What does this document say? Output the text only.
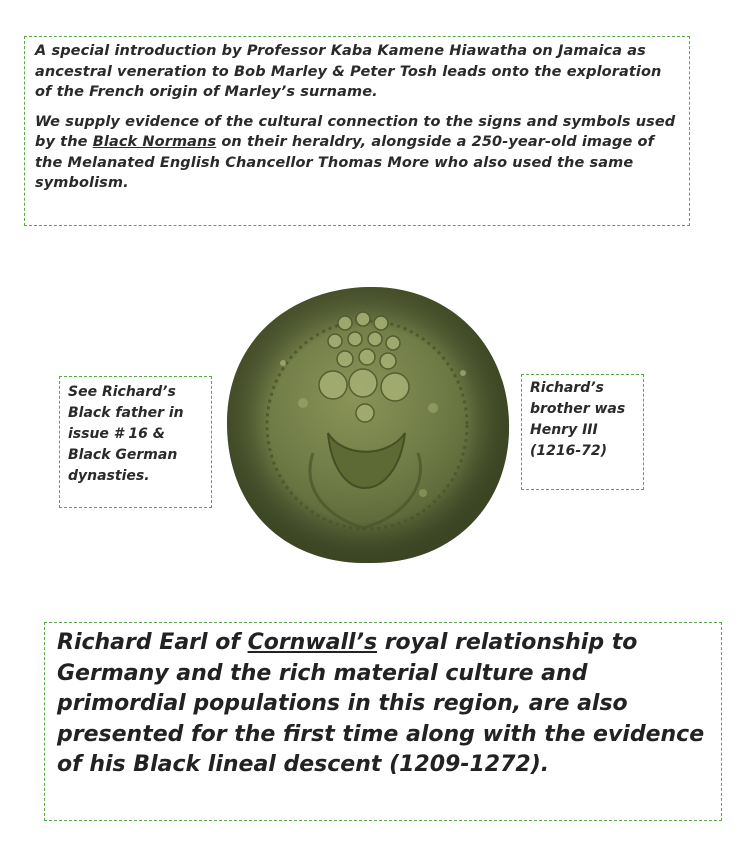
A special introduction by Professor Kaba Kamene Hiawatha on Jamaica as ancestral veneration to Bob Marley & Peter Tosh leads onto the exploration of the French origin of Marley’s surname.

We supply evidence of the cultural connection to the signs and symbols used by the Black Normans on their heraldry, alongside a 250-year-old image of the Melanated English Chancellor Thomas More who also used the same symbolism.

See Richard’s Black father in issue # 16 & Black German dynasties.
Richard’s brother was Henry III (1216-72)

Richard Earl of Cornwall’s royal relationship to Germany and the rich material culture and primordial populations in this region, are also presented for the first time along with the evidence of his Black lineal descent (1209-1272).
